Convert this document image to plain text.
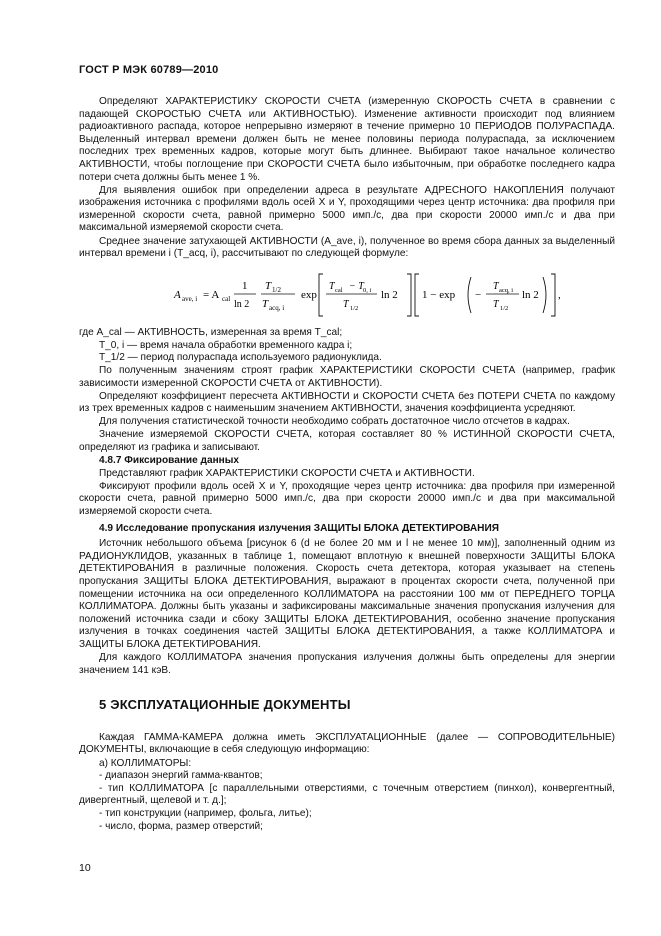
ГОСТ Р МЭК 60789—2010

Определяют ХАРАКТЕРИСТИКУ СКОРОСТИ СЧЕТА (измеренную СКОРОСТЬ СЧЕТА в сравнении с падающей СКОРОСТЬЮ СЧЕТА или АКТИВНОСТЬЮ). Изменение активности происходит под влиянием радиоактивного распада, которое непрерывно измеряют в течение примерно 10 ПЕРИОДОВ ПОЛУРАСПАДА. Выделенный интервал времени должен быть не менее половины периода полураспада, за исключением последних трех временных кадров, которые могут быть длиннее. Выбирают такое начальное количество АКТИВНОСТИ, чтобы поглощение при СКОРОСТИ СЧЕТА было избыточным, при обработке последнего кадра потери счета должны быть менее 1 %.

Для выявления ошибок при определении адреса в результате АДРЕСНОГО НАКОПЛЕНИЯ получают изображения источника с профилями вдоль осей X и Y, проходящими через центр источника: два профиля при измеренной скорости счета, равной примерно 5000 имп./с, два при скорости 20000 имп./с и два при максимальной измеряемой скорости счета.

Среднее значение затухающей АКТИВНОСТИ (A_ave, i), полученное во время сбора данных за выделенный интервал времени i (T_acq, i), рассчитывают по следующей формуле:

A ave, i = A cal
1
ln 2
T 1/2
T acq, i
exp
T cal − T 0, i
T 1/2
ln 2 1 − exp −
T acq, i
T 1/2
ln 2 ,
где A_cal — АКТИВНОСТЬ, измеренная за время T_cal;
T_0, i — время начала обработки временного кадра i;
T_1/2 — период полураспада используемого радионуклида.

По полученным значениям строят график ХАРАКТЕРИСТИКИ СКОРОСТИ СЧЕТА (например, график зависимости измеренной СКОРОСТИ СЧЕТА от АКТИВНОСТИ).

Определяют коэффициент пересчета АКТИВНОСТИ и СКОРОСТИ СЧЕТА без ПОТЕРИ СЧЕТА по каждому из трех временных кадров с наименьшим значением АКТИВНОСТИ, значения коэффициента усредняют.

Для получения статистической точности необходимо собрать достаточное число отсчетов в кадрах.

Значение измеряемой СКОРОСТИ СЧЕТА, которая составляет 80 % ИСТИННОЙ СКОРОСТИ СЧЕТА, определяют из графика и записывают.

4.8.7 Фиксирование данных

Представляют график ХАРАКТЕРИСТИКИ СКОРОСТИ СЧЕТА и АКТИВНОСТИ.

Фиксируют профили вдоль осей X и Y, проходящие через центр источника: два профиля при измеренной скорости счета, равной примерно 5000 имп./с, два при скорости 20000 имп./с и два при максимальной измеряемой скорости счета.

4.9 Исследование пропускания излучения ЗАЩИТЫ БЛОКА ДЕТЕКТИРОВАНИЯ

Источник небольшого объема [рисунок 6 (d не более 20 мм и l не менее 10 мм)], заполненный одним из РАДИОНУКЛИДОВ, указанных в таблице 1, помещают вплотную к внешней поверхности ЗАЩИТЫ БЛОКА ДЕТЕКТИРОВАНИЯ в различные положения. Скорость счета детектора, которая указывает на степень пропускания ЗАЩИТЫ БЛОКА ДЕТЕКТИРОВАНИЯ, выражают в процентах скорости счета, полученной при помещении источника на оси определенного КОЛЛИМАТОРА на расстоянии 100 мм от ПЕРЕДНЕГО ТОРЦА КОЛЛИМАТОРА. Должны быть указаны и зафиксированы максимальные значения пропускания излучения для положений источника сзади и сбоку ЗАЩИТЫ БЛОКА ДЕТЕКТИРОВАНИЯ, особенно значение пропускания излучения в точках соединения частей ЗАЩИТЫ БЛОКА ДЕТЕКТИРОВАНИЯ, а также КОЛЛИМАТОРА и ЗАЩИТЫ БЛОКА ДЕТЕКТИРОВАНИЯ.

Для каждого КОЛЛИМАТОРА значения пропускания излучения должны быть определены для энергии значением 141 кэВ.

5 ЭКСПЛУАТАЦИОННЫЕ ДОКУМЕНТЫ

Каждая ГАММА-КАМЕРА должна иметь ЭКСПЛУАТАЦИОННЫЕ (далее — СОПРОВОДИТЕЛЬНЫЕ) ДОКУМЕНТЫ, включающие в себя следующую информацию:

а) КОЛЛИМАТОРЫ:
- диапазон энергий гамма-квантов;
- тип КОЛЛИМАТОРА [с параллельными отверстиями, с точечным отверстием (пинхол), конвергентный, дивергентный, щелевой и т. д.];
- тип конструкции (например, фольга, литье);
- число, форма, размер отверстий;
10
